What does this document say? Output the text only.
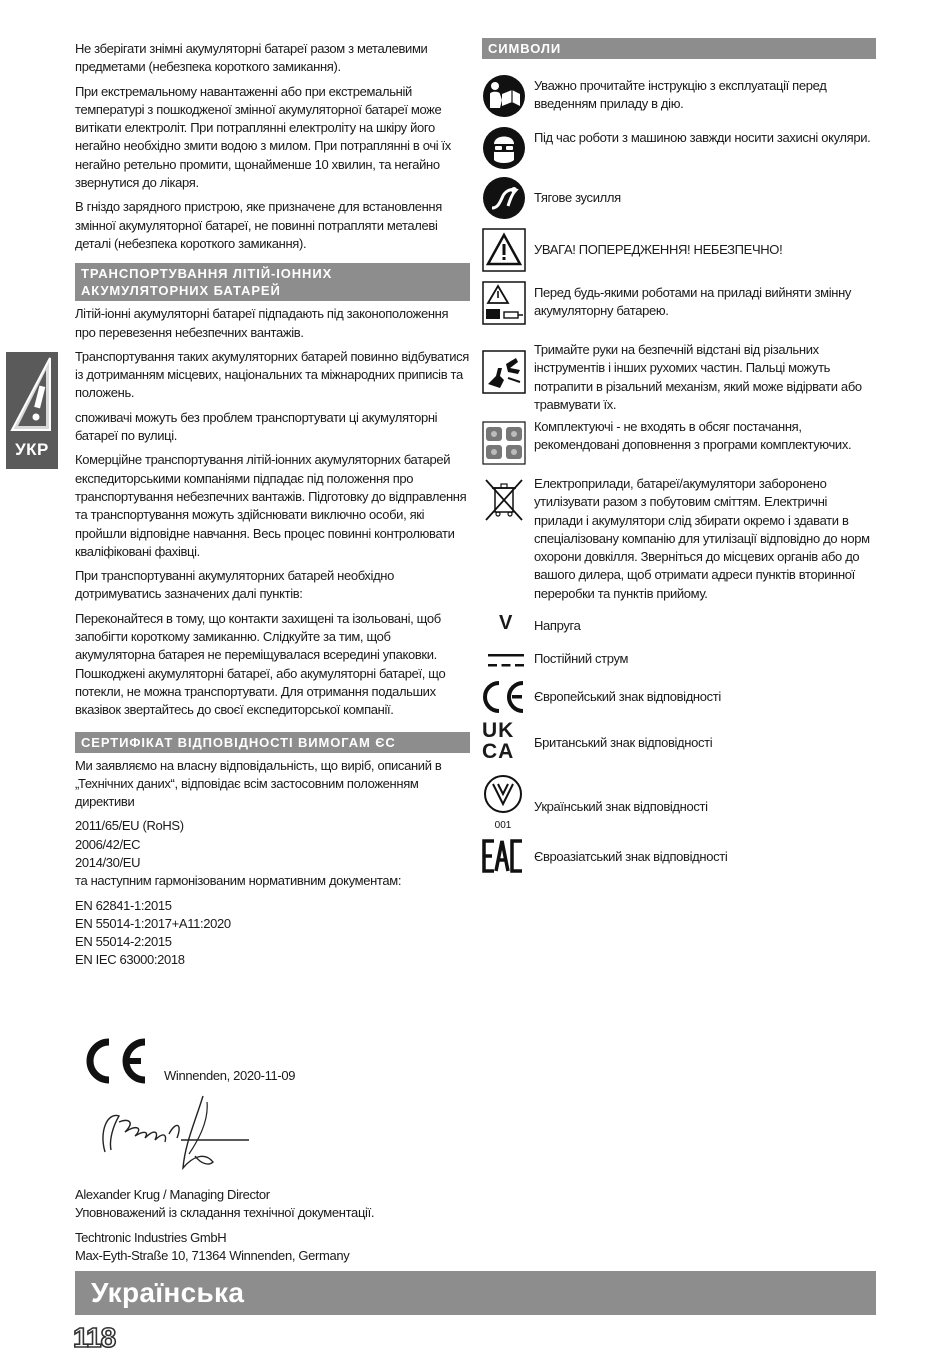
УКР

Не зберігати знімні акумуляторні батареї разом з металевими предметами (небезпека короткого замикання).

При екстремальному навантаженні або при екстремальній температурі з пошкодженої змінної акумуляторної батареї може витікати електроліт. При потраплянні електроліту на шкіру його негайно необхідно змити водою з милом. При потраплянні в очі їх негайно ретельно промити, щонайменше 10 хвилин, та негайно звернутися до лікаря.

В гніздо зарядного пристрою, яке призначене для встановлення змінної акумуляторної батареї, не повинні потрапляти металеві деталі (небезпека короткого замикання).

ТРАНСПОРТУВАННЯ ЛІТІЙ-ІОННИХ АКУМУЛЯТОРНИХ БАТАРЕЙ

Літій-іонні акумуляторні батареї підпадають під законоположення про перевезення небезпечних вантажів.

Транспортування таких акумуляторних батарей повинно відбуватися із дотриманням місцевих, національних та міжнародних приписів та положень.

споживачі можуть без проблем транспортувати ці акумуляторні батареї по вулиці.

Комерційне транспортування літій-іонних акумуляторних батарей експедиторськими компаніями підпадає під положення про транспортування небезпечних вантажів. Підготовку до відправлення та транспортування можуть здійснювати виключно особи, які пройшли відповідне навчання. Весь процес повинні контролювати кваліфіковані фахівці.

При транспортуванні акумуляторних батарей необхідно дотримуватись зазначених далі пунктів:

Переконайтеся в тому, що контакти захищені та ізольовані, щоб запобігти короткому замиканню. Слідкуйте за тим, щоб акумуляторна батарея не переміщувалася всередині упаковки. Пошкоджені акумуляторні батареї, або акумуляторні батареї, що потекли, не можна транспортувати. Для отримання подальших вказівок звертайтесь до своєї експедиторської компанії.

СЕРТИФІКАТ ВІДПОВІДНОСТІ ВИМОГАМ ЄС

Ми заявляємо на власну відповідальність, що виріб, описаний в „Технічних даних“, відповідає всім застосовним положенням директиви

2011/65/EU (RoHS)

2006/42/EC

2014/30/EU

та наступним гармонізованим нормативним документам:

EN 62841-1:2015

EN 55014-1:2017+A11:2020

EN 55014-2:2015

EN IEC 63000:2018

Winnenden, 2020-11-09

Alexander Krug / Managing Director

Уповноважений із складання технічної документації.

Techtronic Industries GmbH

Max-Eyth-Straße 10, 71364 Winnenden, Germany

СИМВОЛИ
Уважно прочитайте інструкцію з експлуатації перед введенням приладу в дію.
Під час роботи з машиною завжди носити захисні окуляри.
Тягове зусилля
УВАГА! ПОПЕРЕДЖЕННЯ! НЕБЕЗПЕЧНО!
Перед будь-якими роботами на приладі вийняти змінну акумуляторну батарею.
Тримайте руки на безпечній відстані від різальних інструментів і інших рухомих частин. Пальці можуть потрапити в різальний механізм, який може відірвати або травмувати їх.
Комплектуючі - не входять в обсяг постачання, рекомендовані доповнення з програми комплектуючих.
Електроприлади, батареї/акумулятори заборонено утилізувати разом з побутовим сміттям. Електричні прилади і акумулятори слід збирати окремо і здавати в спеціалізовану компанію для утилізації відповідно до норм охорони довкілля. Зверніться до місцевих органів або до вашого дилера, щоб отримати адреси пунктів вторинної переробки та пунктів прийому.
V Напруга
Постійний струм
Європейський знак відповідності
UK
CA	Британський знак відповідності
001
Український знак відповідності
Євроазіатський знак відповідності
Українська
118
